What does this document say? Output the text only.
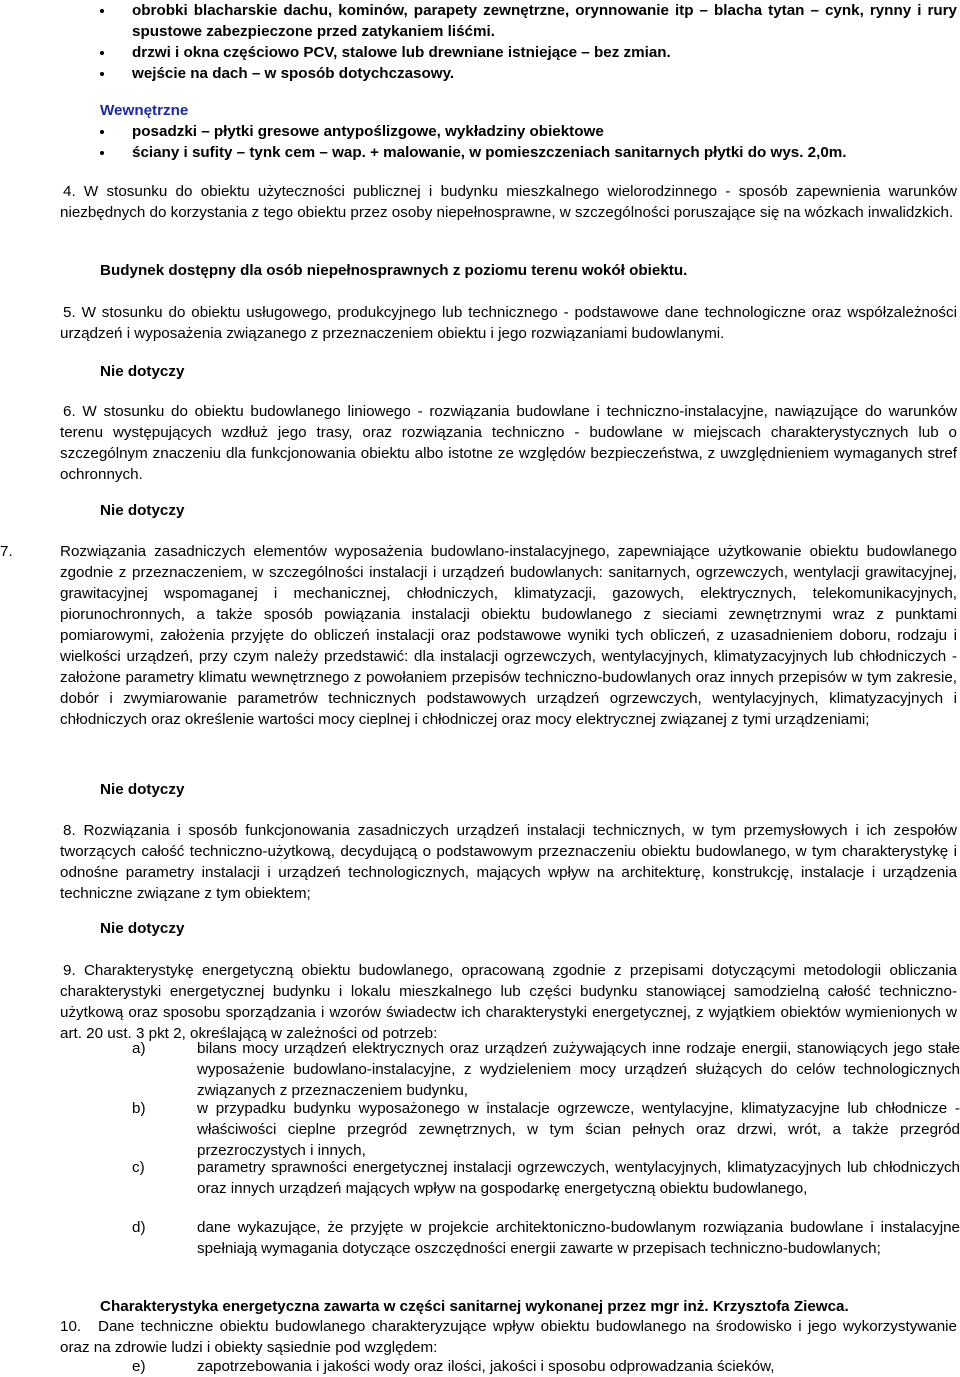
obrobki blacharskie dachu, kominów, parapety zewnętrzne, orynnowanie itp – blacha tytan – cynk, rynny i rury spustowe zabezpieczone przed zatykaniem liśćmi.
drzwi i okna częściowo PCV, stalowe lub drewniane istniejące – bez zmian.
wejście na dach – w sposób dotychczasowy.
Wewnętrzne
posadzki – płytki gresowe antypoślizgowe, wykładziny obiektowe
ściany i sufity – tynk cem – wap. + malowanie, w pomieszczeniach sanitarnych płytki do wys. 2,0m.
4. W stosunku do obiektu użyteczności publicznej i budynku mieszkalnego wielorodzinnego - sposób zapewnienia warunków niezbędnych do korzystania z tego obiektu przez osoby niepełnosprawne, w szczególności poruszające się na wózkach inwalidzkich.
Budynek dostępny dla osób niepełnosprawnych z poziomu terenu wokół obiektu.
5. W stosunku do obiektu usługowego, produkcyjnego lub technicznego - podstawowe dane technologiczne oraz współzależności urządzeń i wyposażenia związanego z przeznaczeniem obiektu i jego rozwiązaniami budowlanymi.
Nie dotyczy
6. W stosunku do obiektu budowlanego liniowego - rozwiązania budowlane i techniczno-instalacyjne, nawiązujące do warunków terenu występujących wzdłuż jego trasy, oraz rozwiązania techniczno - budowlane w miejscach charakterystycznych lub o szczególnym znaczeniu dla funkcjonowania obiektu albo istotne ze względów bezpieczeństwa, z uwzględnieniem wymaganych stref ochronnych.
Nie dotyczy
7.	Rozwiązania zasadniczych elementów wyposażenia budowlano-instalacyjnego, zapewniające użytkowanie obiektu budowlanego zgodnie z przeznaczeniem, w szczególności instalacji i urządzeń budowlanych: sanitarnych, ogrzewczych, wentylacji grawitacyjnej, grawitacyjnej wspomaganej i mechanicznej, chłodniczych, klimatyzacji, gazowych, elektrycznych, telekomunikacyjnych, piorunochronnych, a także sposób powiązania instalacji obiektu budowlanego z sieciami zewnętrznymi wraz z punktami pomiarowymi, założenia przyjęte do obliczeń instalacji oraz podstawowe wyniki tych obliczeń, z uzasadnieniem doboru, rodzaju i wielkości urządzeń, przy czym należy przedstawić: dla instalacji ogrzewczych, wentylacyjnych, klimatyzacyjnych lub chłodniczych - założone parametry klimatu wewnętrznego z powołaniem przepisów techniczno-budowlanych oraz innych przepisów w tym zakresie, dobór i zwymiarowanie parametrów technicznych podstawowych urządzeń ogrzewczych, wentylacyjnych, klimatyzacyjnych i chłodniczych oraz określenie wartości mocy cieplnej i chłodniczej oraz mocy elektrycznej związanej z tymi urządzeniami;
Nie dotyczy
8. Rozwiązania i sposób funkcjonowania zasadniczych urządzeń instalacji technicznych, w tym przemysłowych i ich zespołów tworzących całość techniczno-użytkową, decydującą o podstawowym przeznaczeniu obiektu budowlanego, w tym charakterystykę i odnośne parametry instalacji i urządzeń technologicznych, mających wpływ na architekturę, konstrukcję, instalacje i urządzenia techniczne związane z tym obiektem;
Nie dotyczy
9. Charakterystykę energetyczną obiektu budowlanego, opracowaną zgodnie z przepisami dotyczącymi metodologii obliczania charakterystyki energetycznej budynku i lokalu mieszkalnego lub części budynku stanowiącej samodzielną całość techniczno-użytkową oraz sposobu sporządzania i wzorów świadectw ich charakterystyki energetycznej, z wyjątkiem obiektów wymienionych w art. 20 ust. 3 pkt 2, określającą w zależności od potrzeb:
a)	bilans mocy urządzeń elektrycznych oraz urządzeń zużywających inne rodzaje energii, stanowiących jego stałe wyposażenie budowlano-instalacyjne, z wydzieleniem mocy urządzeń służących do celów technologicznych związanych z przeznaczeniem budynku,
b)	w przypadku budynku wyposażonego w instalacje ogrzewcze, wentylacyjne, klimatyzacyjne lub chłodnicze - właściwości cieplne przegród zewnętrznych, w tym ścian pełnych oraz drzwi, wrót, a także przegród przezroczystych i innych,
c)	parametry sprawności energetycznej instalacji ogrzewczych, wentylacyjnych, klimatyzacyjnych lub chłodniczych oraz innych urządzeń mających wpływ na gospodarkę energetyczną obiektu budowlanego,
d)	dane wykazujące, że przyjęte w projekcie architektoniczno-budowlanym rozwiązania budowlane i instalacyjne spełniają wymagania dotyczące oszczędności energii zawarte w przepisach techniczno-budowlanych;
Charakterystyka energetyczna zawarta w części sanitarnej wykonanej przez mgr inż. Krzysztofa Ziewca.
10.	Dane techniczne obiektu budowlanego charakteryzujące wpływ obiektu budowlanego na środowisko i jego wykorzystywanie oraz na zdrowie ludzi i obiekty sąsiednie pod względem:
e)	zapotrzebowania i jakości wody oraz ilości, jakości i sposobu odprowadzania ścieków,
